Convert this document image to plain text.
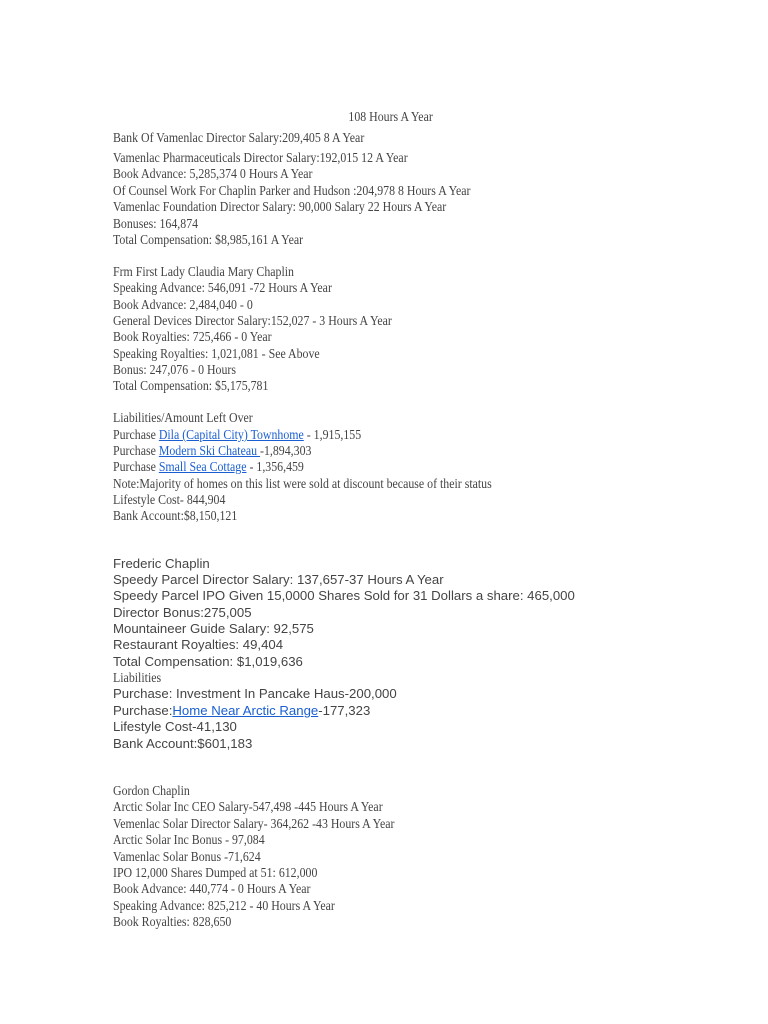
108 Hours A Year
Bank Of Vamenlac Director Salary:209,405 8 A Year
Vamenlac Pharmaceuticals Director Salary:192,015 12 A Year
Book Advance: 5,285,374 0 Hours A Year
Of Counsel Work For Chaplin Parker and Hudson :204,978 8 Hours A Year
Vamenlac Foundation Director Salary: 90,000 Salary 22 Hours A Year
Bonuses: 164,874
Total Compensation: $8,985,161 A Year
Frm First Lady Claudia Mary Chaplin
Speaking Advance: 546,091 -72 Hours A Year
Book Advance: 2,484,040 - 0
General Devices Director Salary:152,027 - 3 Hours A Year
Book Royalties: 725,466 - 0 Year
Speaking Royalties: 1,021,081 - See Above
Bonus: 247,076 - 0 Hours
Total Compensation: $5,175,781
Liabilities/Amount Left Over
Purchase Dila (Capital City) Townhome - 1,915,155
Purchase Modern Ski Chateau -1,894,303
Purchase Small Sea Cottage - 1,356,459
Note:Majority of homes on this list were sold at discount because of their status
Lifestyle Cost- 844,904
Bank Account:$8,150,121
Frederic Chaplin
Speedy Parcel Director Salary: 137,657-37 Hours A Year
Speedy Parcel IPO Given 15,0000 Shares Sold for 31 Dollars a share: 465,000
Director Bonus:275,005
Mountaineer Guide Salary: 92,575
Restaurant Royalties: 49,404
Total Compensation: $1,019,636
Liabilities
Purchase: Investment In Pancake Haus-200,000
Purchase:Home Near Arctic Range-177,323
Lifestyle Cost-41,130
Bank Account:$601,183
Gordon Chaplin
Arctic Solar Inc CEO Salary-547,498 -445 Hours A Year
Vemenlac Solar Director Salary- 364,262 -43 Hours A Year
Arctic Solar Inc Bonus - 97,084
Vamenlac Solar Bonus -71,624
IPO 12,000 Shares Dumped at 51: 612,000
Book Advance: 440,774 - 0 Hours A Year
Speaking Advance: 825,212 - 40 Hours A Year
Book Royalties: 828,650
